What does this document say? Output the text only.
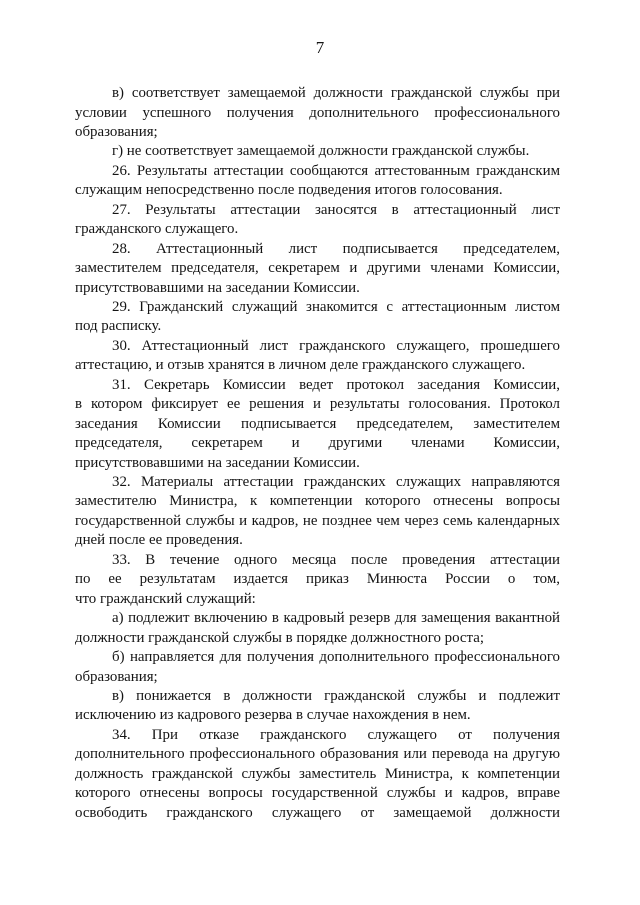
7
в) соответствует замещаемой должности гражданской службы при
условии успешного получения дополнительного профессионального
образования;
г) не соответствует замещаемой должности гражданской службы.
26. Результаты аттестации сообщаются аттестованным гражданским
служащим непосредственно после подведения итогов голосования.
27. Результаты аттестации заносятся в аттестационный лист
гражданского служащего.
28. Аттестационный лист подписывается председателем,
заместителем председателя, секретарем и другими членами Комиссии,
присутствовавшими на заседании Комиссии.
29. Гражданский служащий знакомится с аттестационным листом
под расписку.
30. Аттестационный лист гражданского служащего, прошедшего
аттестацию, и отзыв хранятся в личном деле гражданского служащего.
31. Секретарь Комиссии ведет протокол заседания Комиссии,
в котором фиксирует ее решения и результаты голосования. Протокол
заседания Комиссии подписывается председателем, заместителем
председателя, секретарем и другими членами Комиссии,
присутствовавшими на заседании Комиссии.
32. Материалы аттестации гражданских служащих направляются
заместителю Министра, к компетенции которого отнесены вопросы
государственной службы и кадров, не позднее чем через семь календарных
дней после ее проведения.
33. В течение одного месяца после проведения аттестации
по ее результатам издается приказ Минюста России о том,
что гражданский служащий:
а) подлежит включению в кадровый резерв для замещения вакантной
должности гражданской службы в порядке должностного роста;
б) направляется для получения дополнительного профессионального
образования;
в) понижается в должности гражданской службы и подлежит
исключению из кадрового резерва в случае нахождения в нем.
34. При отказе гражданского служащего от получения
дополнительного профессионального образования или перевода на другую
должность гражданской службы заместитель Министра, к компетенции
которого отнесены вопросы государственной службы и кадров, вправе
освободить гражданского служащего от замещаемой должности
